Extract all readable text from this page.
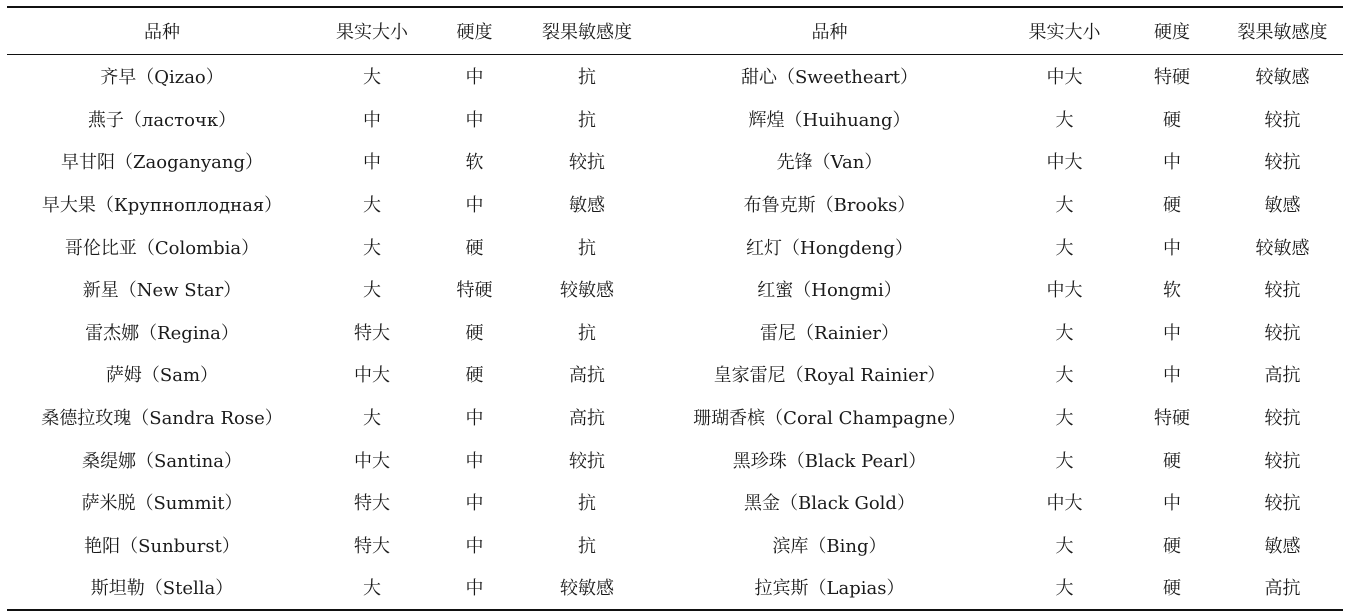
品种	果实大小	硬度	裂果敏感度	品种	果实大小	硬度	裂果敏感度
齐早（Qizao）	大	中	抗	甜心（Sweetheart）	中大	特硬	较敏感
燕子（ласточк）	中	中	抗	辉煌（Huihuang）	大	硬	较抗
早甘阳（Zaoganyang）	中	软	较抗	先锋（Van）	中大	中	较抗
早大果（Крупноплодная）	大	中	敏感	布鲁克斯（Brooks）	大	硬	敏感
哥伦比亚（Colombia）	大	硬	抗	红灯（Hongdeng）	大	中	较敏感
新星（New Star）	大	特硬	较敏感	红蜜（Hongmi）	中大	软	较抗
雷杰娜（Regina）	特大	硬	抗	雷尼（Rainier）	大	中	较抗
萨姆（Sam）	中大	硬	高抗	皇家雷尼（Royal Rainier）	大	中	高抗
桑德拉玫瑰（Sandra Rose）	大	中	高抗	珊瑚香槟（Coral Champagne）	大	特硬	较抗
桑缇娜（Santina）	中大	中	较抗	黑珍珠（Black Pearl）	大	硬	较抗
萨米脱（Summit）	特大	中	抗	黑金（Black Gold）	中大	中	较抗
艳阳（Sunburst）	特大	中	抗	滨库（Bing）	大	硬	敏感
斯坦勒（Stella）	大	中	较敏感	拉宾斯（Lapias）	大	硬	高抗
